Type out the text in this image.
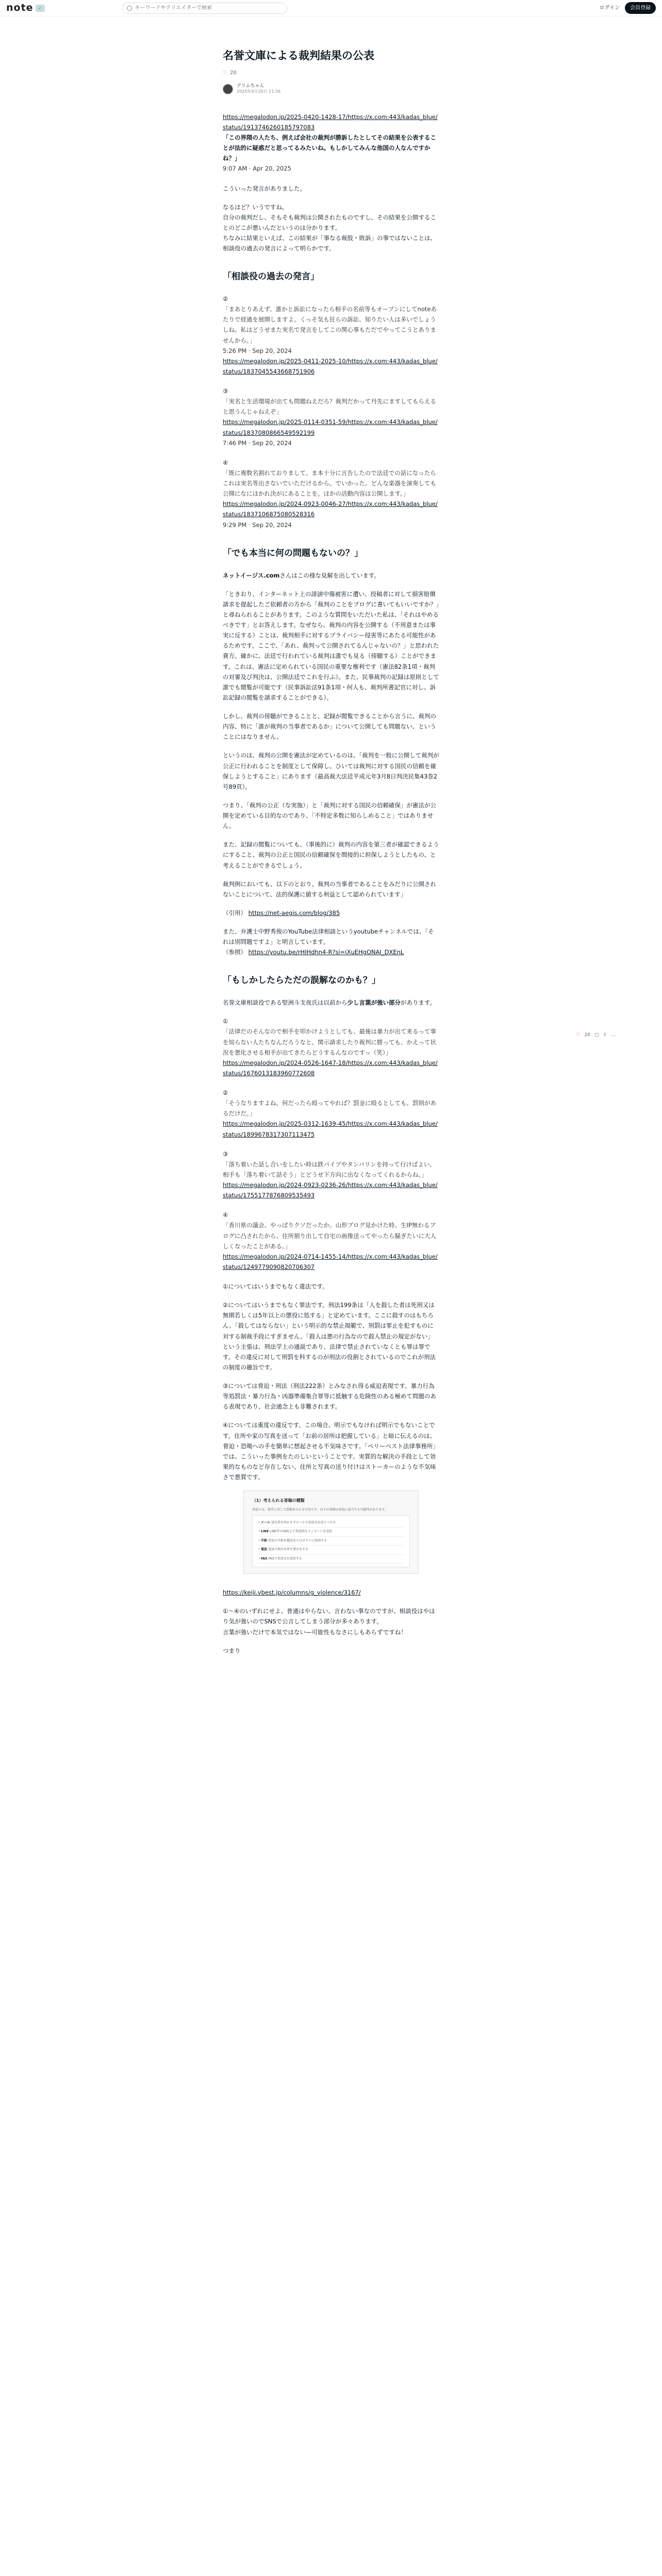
note	✓
キーワードやクリエイターで検索	ログイン	会員登録
♡ 20 ▢ ⇪ …
名誉文庫による裁判結果の公表
♡ 20
アリムちゃん
2025年4月20日 11:56
https://megalodon.jp/2025-0420-1428-17/https://x.com:443/kadas_blue/status/1913746260185797083
「この界隈の人たち、例えば会社の裁判が勝訴したとしてその結果を公表することが法的に疑惑だと思ってるみたいね。もしかしてみんな他国の人なんですかね？」
9:07 AM · Apr 20, 2025

こういった発言がありました。

なるほど？いうですね。
自分の裁判だし、そもそも裁判は公開されたものですし、その結果を公開することのどこが悪いんだというのは分かります。
ちなみに結果といえば、この結果が「事なる裁肢・敗訴」の事ではないことは、相談役の過去の発言によって明らかです。

「相談役の過去の発言」
②
「まあとりあえず、誰かと訴訟になったら相手の名前等もオープンにしてnoteあたりで経過を展開しますよ。くっそ気も狂らの訴訟、知りたい人は多いでしょうしね。私はどうせまた実名で発言をしてこの関心事もただでやってこうとありませんから。」
5:26 PM · Sep 20, 2024
https://megalodon.jp/2025-0411-2025-10/https://x.com:443/kadas_blue/status/1837045543668751906
③
「実名と生活環境が出ても問題ねえだろ？裁判だかって丹先にますしてもらえると思うんじゃねえぞ」
https://megalodon.jp/2025-0114-0351-59/https://x.com:443/kadas_blue/status/1837080866549592199
7:46 PM · Sep 20, 2024
④
「既に複数名割れておりまして、ま本十分に言告したので法廷での話になったらこれは実名等出さないでいただけるから。でいかった。どんな楽器を演奏しても公開になにほかれ決がにあることを。ほかの活動内容は公開します。」
https://megalodon.jp/2024-0923-0046-27/https://x.com:443/kadas_blue/status/1837106875080528316
9:29 PM · Sep 20, 2024
「でも本当に何の問題もないの？」

ネットイージス.comさんはこの様な見解を出しています。

「ときおり、インターネット上の誹謗中傷被害に遭い、投稿者に対して損害賠償請求を提起したご依頼者の方から「裁判のことをブログに書いてもいいですか？」と尋ねられることがあります。このような質問をいただいた私は、「それはやめるべきです」とお答えします。なぜなら、裁判の内容を公開する（不用意または事実に反する）ことは、裁判相手に対するプライバシー侵害等にあたる可能性があるためです。ここで、「あれ、裁判って公開されてるんじゃないの？」と思われた貴方。確かに、法廷で行われている裁判は誰でも見る（傍聴する）ことができます。これは、憲法に定められている国民の重要な権利です（憲法82条1項・裁判の対審及び判決は、公開法廷でこれを行ふ）。また、民事裁判の記録は原則として誰でも閲覧が可能です（民事訴訟法91条1項・何人も、裁判所書記官に対し、訴訟記録の閲覧を請求することができる）。

しかし、裁判の傍聴ができることと、記録が閲覧できることから言うに、裁判の内容、特に「誰が裁判の当事者であるか」について公開しても問題ない、ということにはなりません。

というのは、裁判の公開を憲法が定めているのは、「裁判を一般に公開して裁判が公正に行われることを制度として保障し、ひいては裁判に対する国民の信頼を確保しようとすること」にあります（最高裁大法廷平成元年3月8日判決民集43巻2号89頁）。

つまり、「裁判の公正（な実施）」と「裁判に対する国民の信頼確保」が憲法が公開を定めている目的なのであり、「不特定多数に知らしめること」ではありません。

また、記録の閲覧についても、（事後的に）裁判の内容を第三者が確認できるようにすること、裁判の公正と国民の信頼確保を間接的に担保しようとしたもの、と考えることができるでしょう。

裁判例においても、以下のとおり、裁判の当事者であることをみだりに公開されないことについて、法的保護に値する利益として認められています」

（引用） https://net-aegis.com/blog/385

また、弁護士中野秀俊のYouTube法律相談というyoutubeチャンネルでは、「それは別問題ですよ」と明言しています。
（参照） https://youtu.be/rHIHdhn4-R?si=iXuEHgONAI_DXEnL

「もしかしたらただの誤解なのかも？」

名誉文庫相談役である堅洲斗支夜氏は以前から少し言葉が強い部分があります。

①
「法律だのそんなので相手を叩かけようとしても、最後は暴力が出て来るって事を知らない人たちなんだろうなと、関示請求したり裁判に勝っても、かえって状況を悪化させる相手が出てきたらどうするんなのですっ（笑）」
https://megalodon.jp/2024-0526-1647-18/https://x.com:443/kadas_blue/status/1676013183960772608
②
「そうなりますよね。何だったら殴ってやれば？罰金に殴るとしても、罰則があるだけだ。」
https://megalodon.jp/2025-0312-1639-45/https://x.com:443/kadas_blue/status/1899678317307113475
③
「落ち着いた話し合いをしたい時は鉄パイプやタンバリンを持って行けばよい、相手も「落ち着いて話そう」とどうせ下方向に出なくなってくれるからね。」
https://megalodon.jp/2024-0923-0236-26/https://x.com:443/kadas_blue/status/1755177876809535493
④
「香川県の議会、やっぱりクソだったか。山形ブログ見かけた時、生IP無わるブログに凸されたから、住所割り出して自宅の画像送ってやったら騒ぎたいに大人しくなったことがある。」
https://megalodon.jp/2024-0714-1455-14/https://x.com:443/kadas_blue/status/1249779090820706307

①についてはいうまでもなく違法です。

②についてはいうまでもなく罪法です。刑法199条は「人を殺した者は死刑又は無期若しくは5年以上の懲役に処する」と定めています。ここに殺すのはもちろん、「殺してはならない」という明示的な禁止規範で、刑罰は罪止を犯すものに対する制裁手段にすぎません。「殺人は悪の行為なので殺人禁止の規定がない」という主張は、刑法学上の通説であり、法律で禁止されていなくとも罪は罪です。その違反に対して刑罰を科するのが刑法の役割とされているのでこれが刑法の制度の趣旨です。

③については脅迫・刑法（刑法222条）とみなされ得る威迫表現です。暴力行為等処罰法・暴力行為・凶器準備集合罪等に抵触する危険性のある極めて問題のある表現であり、社会通念上も非難されます。

④については重度の違反です。この場合、明示でもなければ明示でもないことです。住所や家の写真を送って「お前の居所は把握している」と暗に伝えるのは、脅迫・恐喝への手を簡単に想起させる不気味さです。「ペリーベスト法律事務所」では、こういった事例をたのしいということです。実質的な解決の手段として効果的なものなど存在しない、住所と写真の送り付けはストーカーのような不気味さで悪質です。

（1）考えられる寄稿の種類
脅迫とは、相手に対して恐怖を与える行為です。以下の事例は脅迫に該当する可能性があります。
・メール 送付者を明かさずメールで脅迫文を送りつける
・LINE LINE等のSNS上で脅迫的なメッセージを送信
・手紙 脅迫の手紙を郵送またはポストに投函する
・電話 電話で相手を脅す発言をする
・FAX FAXで脅迫文を送信する

https://keiji.vbest.jp/columns/g_violence/3167/

①〜④のいずれにせよ、普通はやらない、言わない事なのですが、相談役はやはり気が強いのでSNSで公言してしまう部分が多々あります。
言葉が強いだけで本気ではない—可能性もなさにしもあらずですね！

つまり
